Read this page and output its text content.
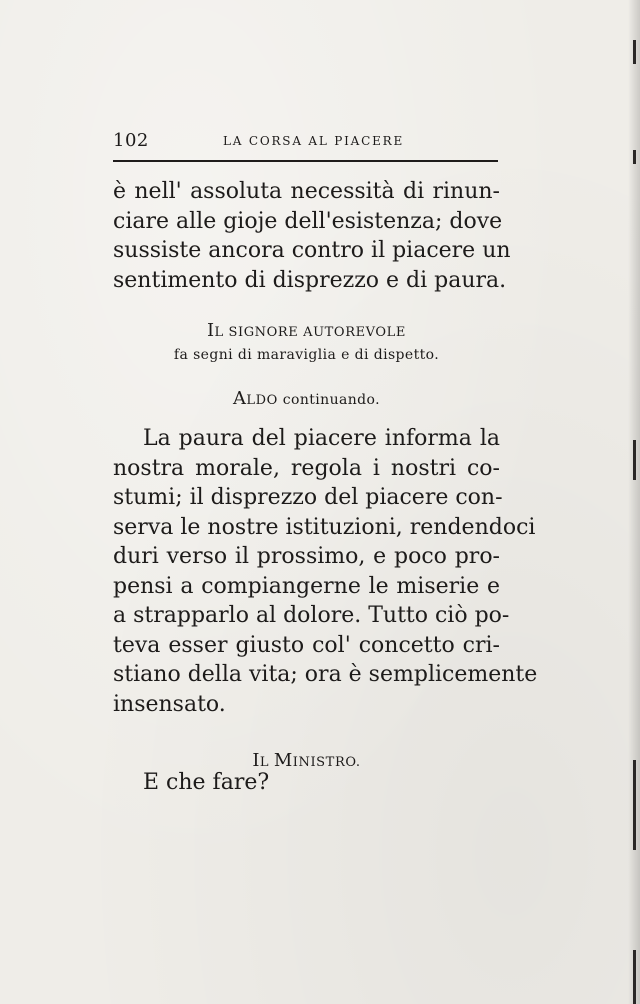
102	LA CORSA AL PIACERE
è nell' assoluta necessità di rinun-
ciare alle gioje dell'esistenza; dove
sussiste ancora contro il piacere un
sentimento di disprezzo e di paura.
IL SIGNORE AUTOREVOLE
fa segni di maraviglia e di dispetto.
ALDO continuando.
La paura del piacere informa la
nostra morale, regola i nostri co-
stumi; il disprezzo del piacere con-
serva le nostre istituzioni, rendendoci
duri verso il prossimo, e poco pro-
pensi a compiangerne le miserie e
a strapparlo al dolore. Tutto ciò po-
teva esser giusto col' concetto cri-
stiano della vita; ora è semplicemente
insensato.
IL MINISTRO.
E che fare?
